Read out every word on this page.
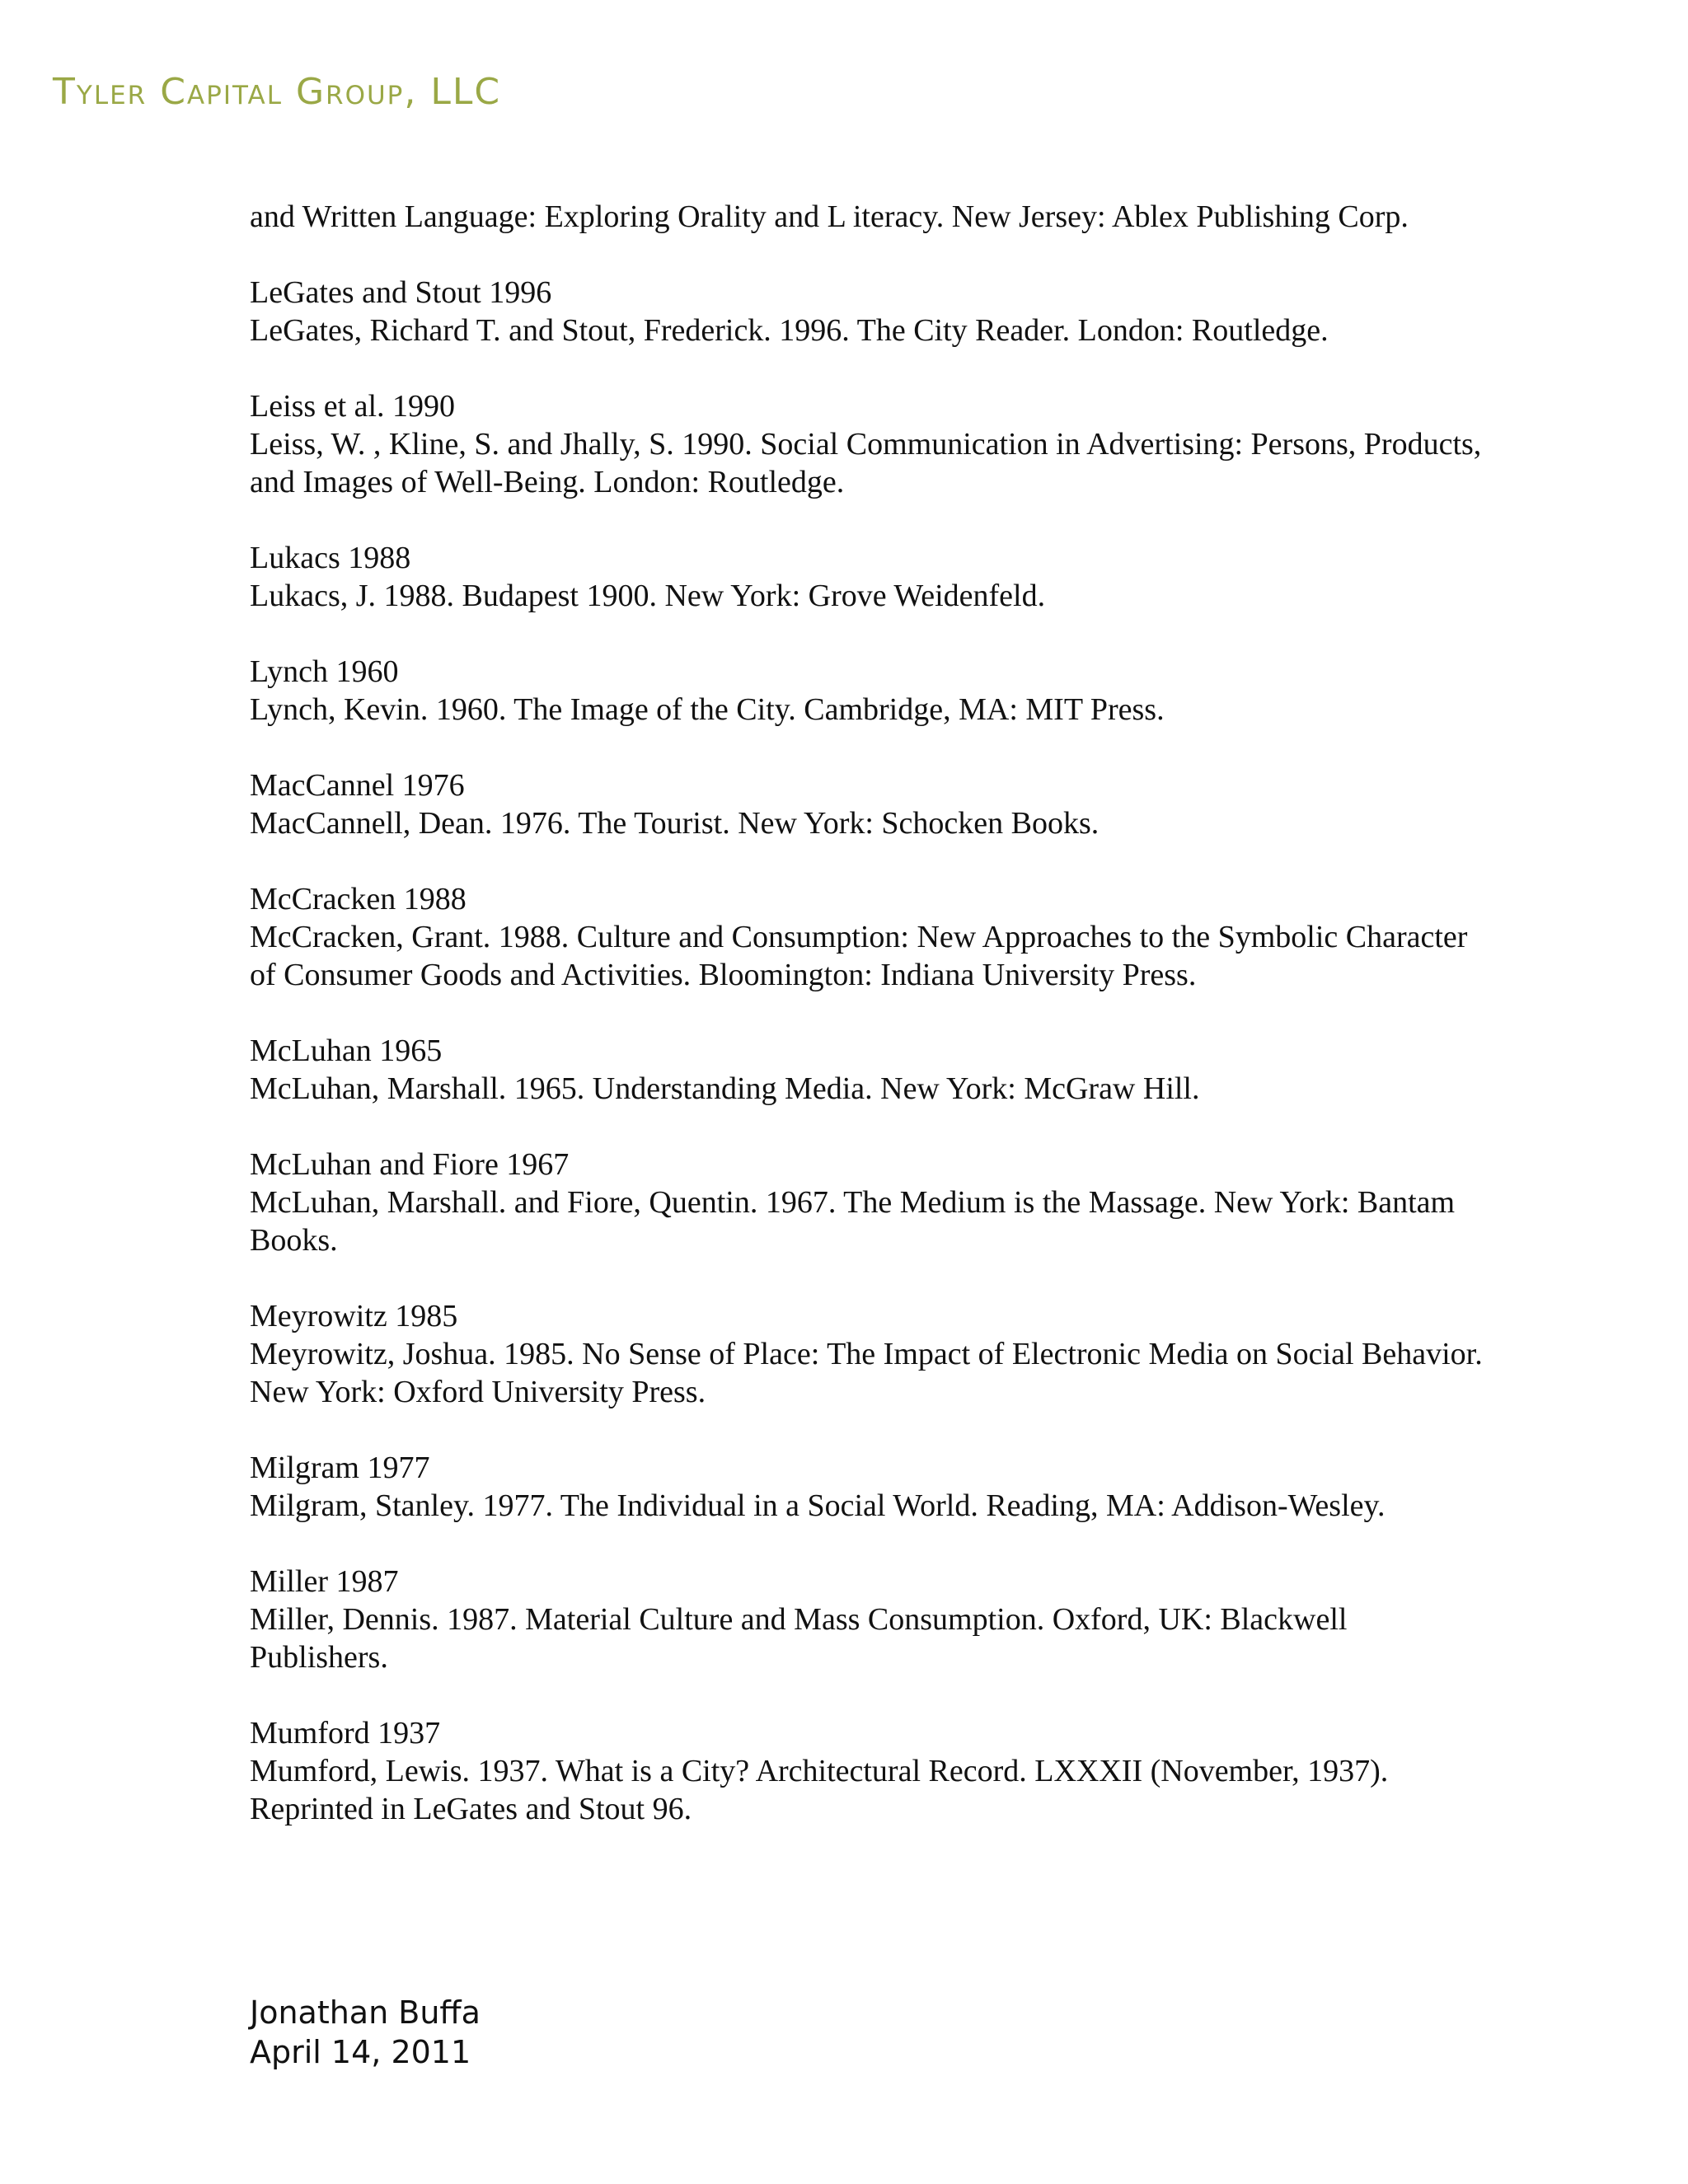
Tyler Capital Group, LLC
and Written Language: Exploring Orality and L iteracy. New Jersey: Ablex Publishing Corp.
LeGates and Stout 1996
LeGates, Richard T. and Stout, Frederick. 1996. The City Reader. London: Routledge.
Leiss et al. 1990
Leiss, W. , Kline, S. and Jhally, S. 1990. Social Communication in Advertising: Persons, Products, and Images of Well-Being. London: Routledge.
Lukacs 1988
Lukacs, J. 1988. Budapest 1900. New York: Grove Weidenfeld.
Lynch 1960
Lynch, Kevin. 1960. The Image of the City. Cambridge, MA: MIT Press.
MacCannel 1976
MacCannell, Dean. 1976. The Tourist. New York: Schocken Books.
McCracken 1988
McCracken, Grant. 1988. Culture and Consumption: New Approaches to the Symbolic Character of Consumer Goods and Activities. Bloomington: Indiana University Press.
McLuhan 1965
McLuhan, Marshall. 1965. Understanding Media. New York: McGraw Hill.
McLuhan and Fiore 1967
McLuhan, Marshall. and Fiore, Quentin. 1967. The Medium is the Massage. New York: Bantam Books.
Meyrowitz 1985
Meyrowitz, Joshua. 1985. No Sense of Place: The Impact of Electronic Media on Social Behavior. New York: Oxford University Press.
Milgram 1977
Milgram, Stanley. 1977. The Individual in a Social World. Reading, MA: Addison-Wesley.
Miller 1987
Miller, Dennis. 1987. Material Culture and Mass Consumption. Oxford, UK: Blackwell Publishers.
Mumford 1937
Mumford, Lewis. 1937. What is a City? Architectural Record. LXXXII (November, 1937). Reprinted in LeGates and Stout 96.
Jonathan Buffa
April 14, 2011
